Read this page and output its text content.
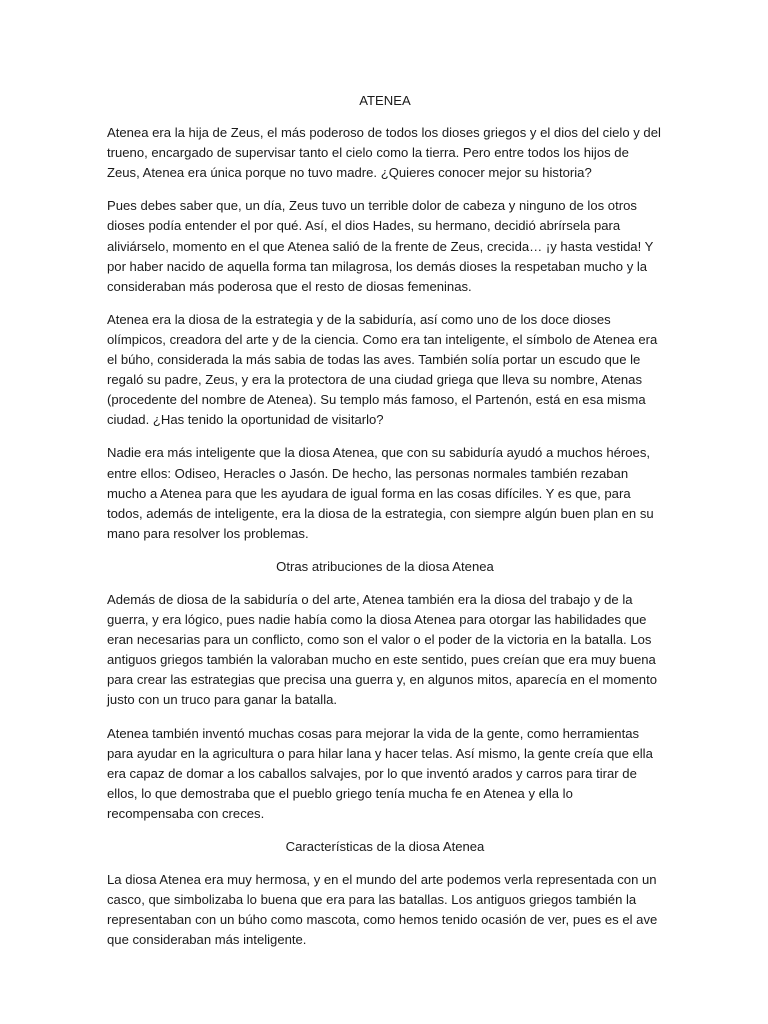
ATENEA

Atenea era la hija de Zeus, el más poderoso de todos los dioses griegos y el dios del cielo y del trueno, encargado de supervisar tanto el cielo como la tierra. Pero entre todos los hijos de Zeus, Atenea era única porque no tuvo madre. ¿Quieres conocer mejor su historia?

Pues debes saber que, un día, Zeus tuvo un terrible dolor de cabeza y ninguno de los otros dioses podía entender el por qué. Así, el dios Hades, su hermano, decidió abrírsela para aliviárselo, momento en el que Atenea salió de la frente de Zeus, crecida… ¡y hasta vestida! Y por haber nacido de aquella forma tan milagrosa, los demás dioses la respetaban mucho y la consideraban más poderosa que el resto de diosas femeninas.

Atenea era la diosa de la estrategia y de la sabiduría, así como uno de los doce dioses olímpicos, creadora del arte y de la ciencia. Como era tan inteligente, el símbolo de Atenea era el búho, considerada la más sabia de todas las aves. También solía portar un escudo que le regaló su padre, Zeus, y era la protectora de una ciudad griega que lleva su nombre, Atenas (procedente del nombre de Atenea). Su templo más famoso, el Partenón, está en esa misma ciudad. ¿Has tenido la oportunidad de visitarlo?

Nadie era más inteligente que la diosa Atenea, que con su sabiduría ayudó a muchos héroes, entre ellos: Odiseo, Heracles o Jasón. De hecho, las personas normales también rezaban mucho a Atenea para que les ayudara de igual forma en las cosas difíciles. Y es que, para todos, además de inteligente, era la diosa de la estrategia, con siempre algún buen plan en su mano para resolver los problemas.

Otras atribuciones de la diosa Atenea

Además de diosa de la sabiduría o del arte, Atenea también era la diosa del trabajo y de la guerra, y era lógico, pues nadie había como la diosa Atenea para otorgar las habilidades que eran necesarias para un conflicto, como son el valor o el poder de la victoria en la batalla. Los antiguos griegos también la valoraban mucho en este sentido, pues creían que era muy buena para crear las estrategias que precisa una guerra y, en algunos mitos, aparecía en el momento justo con un truco para ganar la batalla.

Atenea también inventó muchas cosas para mejorar la vida de la gente, como herramientas para ayudar en la agricultura o para hilar lana y hacer telas. Así mismo, la gente creía que ella era capaz de domar a los caballos salvajes, por lo que inventó arados y carros para tirar de ellos, lo que demostraba que el pueblo griego tenía mucha fe en Atenea y ella lo recompensaba con creces.

Características de la diosa Atenea

La diosa Atenea era muy hermosa, y en el mundo del arte podemos verla representada con un casco, que simbolizaba lo buena que era para las batallas. Los antiguos griegos también la representaban con un búho como mascota, como hemos tenido ocasión de ver, pues es el ave que consideraban más inteligente.
